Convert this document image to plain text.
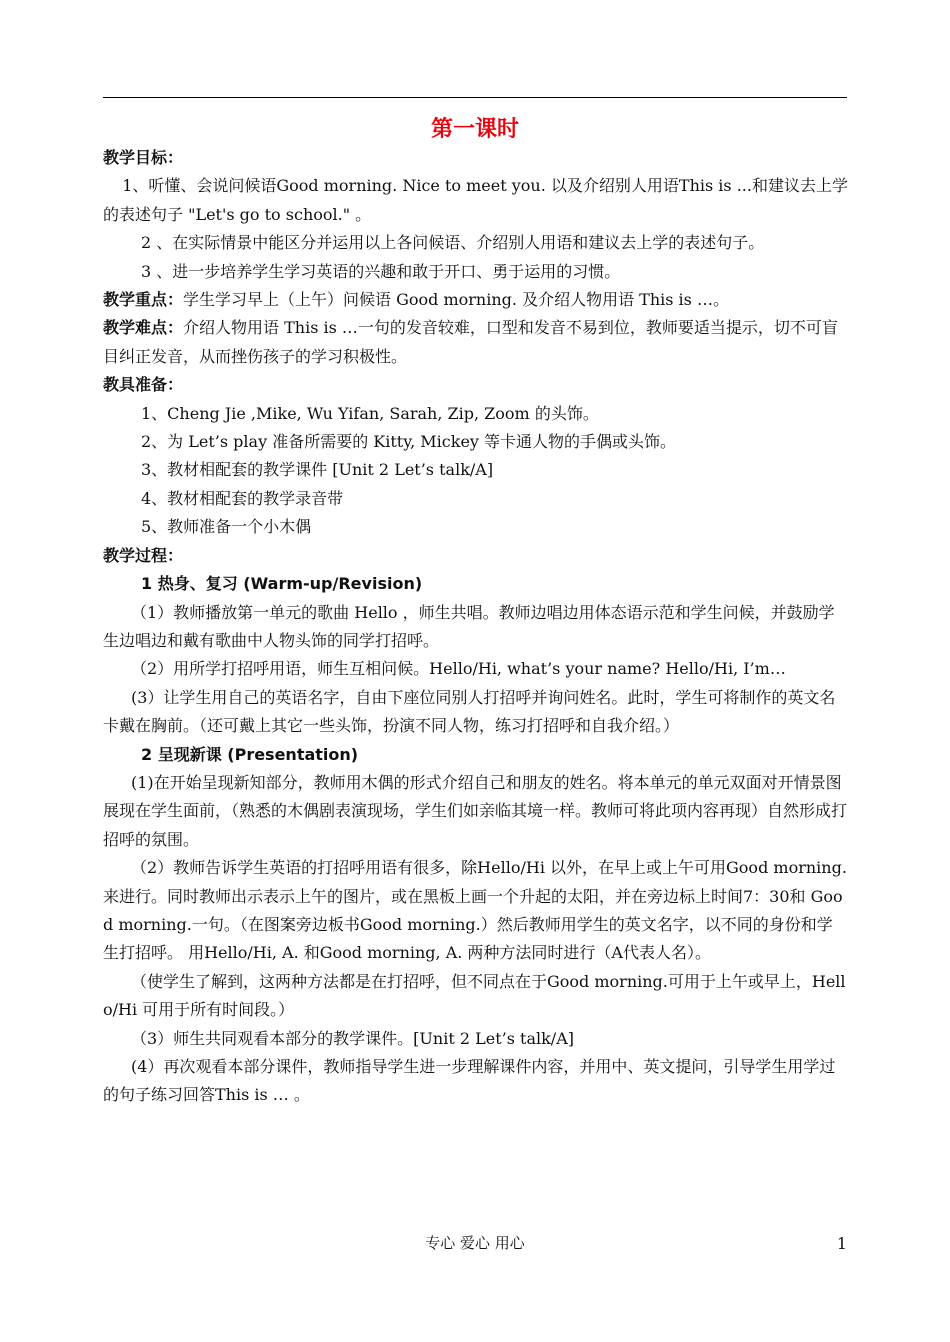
第一课时

教学目标：

1、听懂、会说问候语Good morning. Nice to meet you. 以及介绍别人用语This is ...和建议去上学的表述句子 "Let's go to school." 。

2 、在实际情景中能区分并运用以上各问候语、介绍别人用语和建议去上学的表述句子。

3 、进一步培养学生学习英语的兴趣和敢于开口、勇于运用的习惯。

教学重点：学生学习早上（上午）问候语 Good morning. 及介绍人物用语 This is …。

教学难点：介绍人物用语 This is …一句的发音较难，口型和发音不易到位，教师要适当提示，切不可盲目纠正发音，从而挫伤孩子的学习积极性。

教具准备：

1、Cheng Jie ,Mike, Wu Yifan, Sarah, Zip, Zoom 的头饰。

2、为 Let’s play 准备所需要的 Kitty, Mickey 等卡通人物的手偶或头饰。

3、教材相配套的教学课件 [Unit 2 Let’s talk/A]

4、教材相配套的教学录音带

5、教师准备一个小木偶

教学过程：

1 热身、复习 (Warm-up/Revision)

（1）教师播放第一单元的歌曲 Hello ，师生共唱。教师边唱边用体态语示范和学生问候，并鼓励学生边唱边和戴有歌曲中人物头饰的同学打招呼。

（2）用所学打招呼用语，师生互相问候。Hello/Hi, what’s your name? Hello/Hi, I’m…

(3）让学生用自己的英语名字，自由下座位同别人打招呼并询问姓名。此时，学生可将制作的英文名卡戴在胸前。（还可戴上其它一些头饰，扮演不同人物，练习打招呼和自我介绍。）

2 呈现新课 (Presentation)

(1)在开始呈现新知部分，教师用木偶的形式介绍自己和朋友的姓名。将本单元的单元双面对开情景图展现在学生面前，（熟悉的木偶剧表演现场，学生们如亲临其境一样。教师可将此项内容再现）自然形成打招呼的氛围。

（2）教师告诉学生英语的打招呼用语有很多，除Hello/Hi 以外，在早上或上午可用Good morning. 来进行。同时教师出示表示上午的图片，或在黑板上画一个升起的太阳，并在旁边标上时间7：30和 Good morning.一句。（在图案旁边板书Good morning.）然后教师用学生的英文名字，以不同的身份和学生打招呼。 用Hello/Hi, A. 和Good morning, A. 两种方法同时进行（A代表人名）。

（使学生了解到，这两种方法都是在打招呼，但不同点在于Good morning.可用于上午或早上，Hello/Hi 可用于所有时间段。）

（3）师生共同观看本部分的教学课件。[Unit 2 Let’s talk/A]

(4）再次观看本部分课件，教师指导学生进一步理解课件内容，并用中、英文提问，引导学生用学过的句子练习回答This is … 。

专心 爱心 用心	1
